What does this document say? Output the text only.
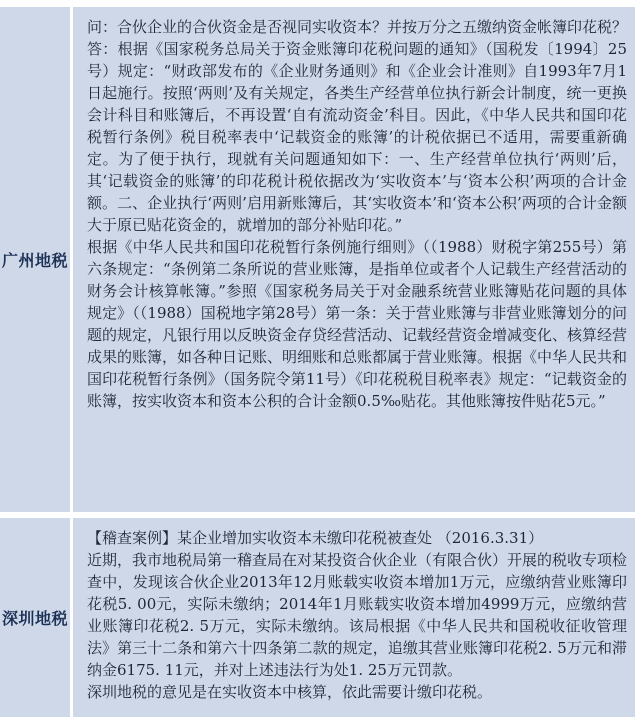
广州地税

问：合伙企业的合伙资金是否视同实收资本？并按万分之五缴纳资金帐簿印花税？

答：根据《国家税务总局关于资金账簿印花税问题的通知》（国税发〔1994〕25号）规定：“财政部发布的《企业财务通则》和《企业会计准则》自1993年7月1日起施行。按照‘两则’及有关规定，各类生产经营单位执行新会计制度，统一更换会计科目和账簿后，不再设置‘自有流动资金’科目。因此，《中华人民共和国印花税暂行条例》税目税率表中‘记载资金的账簿’的计税依据已不适用，需要重新确定。为了便于执行，现就有关问题通知如下：一、生产经营单位执行‘两则’后，其‘记载资金的账簿’的印花税计税依据改为‘实收资本’与‘资本公积’两项的合计金额。二、企业执行‘两则’启用新账簿后，其‘实收资本’和‘资本公积’两项的合计金额大于原已贴花资金的，就增加的部分补贴印花。”

根据《中华人民共和国印花税暂行条例施行细则》（（1988）财税字第255号）第六条规定：“条例第二条所说的营业账簿，是指单位或者个人记载生产经营活动的财务会计核算帐簿。”参照《国家税务局关于对金融系统营业账簿贴花问题的具体规定》（（1988）国税地字第28号）第一条：关于营业账簿与非营业账簿划分的问题的规定，凡银行用以反映资金存贷经营活动、记载经营资金增减变化、核算经营成果的账簿，如各种日记账、明细账和总账都属于营业账簿。根据《中华人民共和国印花税暂行条例》（国务院令第11号）《印花税税目税率表》规定：“记载资金的账簿，按实收资本和资本公积的合计金额0.5‰贴花。其他账簿按件贴花5元。”

深圳地税

【稽查案例】某企业增加实收资本未缴印花税被查处 （2016.3.31）

近期，我市地税局第一稽查局在对某投资合伙企业（有限合伙）开展的税收专项检查中，发现该合伙企业2013年12月账载实收资本增加1万元，应缴纳营业账簿印花税5. 00元，实际未缴纳；2014年1月账载实收资本增加4999万元，应缴纳营业账簿印花税2. 5万元，实际未缴纳。该局根据《中华人民共和国税收征收管理法》第三十二条和第六十四条第二款的规定，追缴其营业账簿印花税2. 5万元和滞纳金6175. 11元，并对上述违法行为处1. 25万元罚款。

深圳地税的意见是在实收资本中核算，依此需要计缴印花税。
